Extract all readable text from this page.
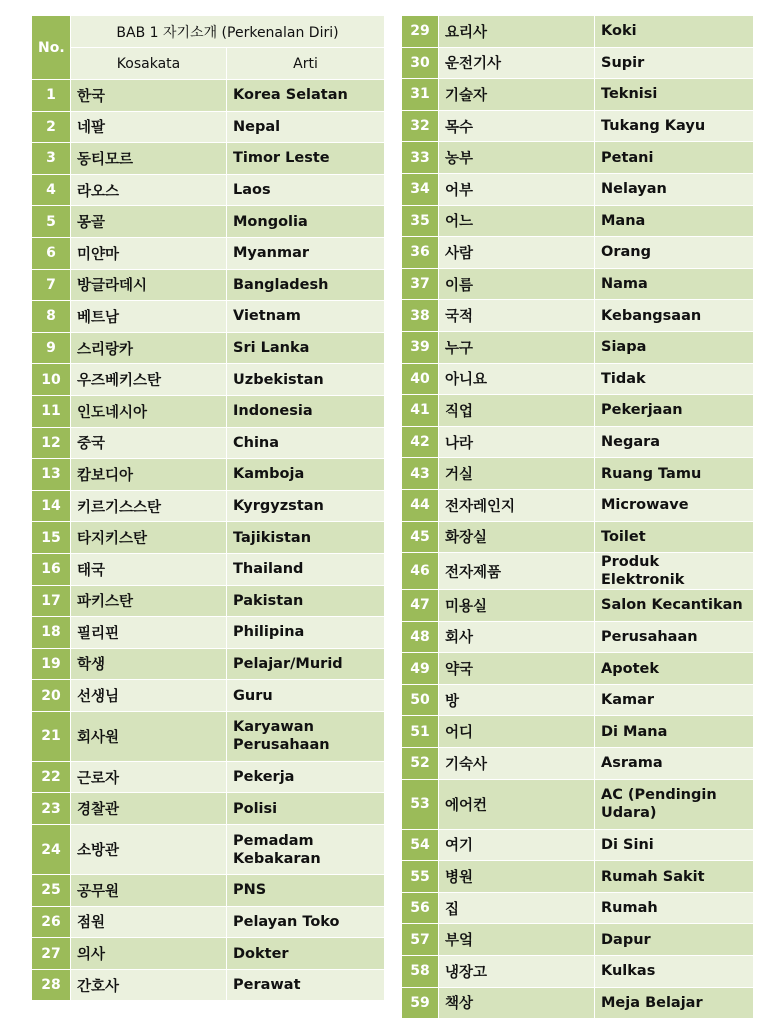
No.	BAB 1 자기소개 (Perkenalan Diri)	
	Kosakata	Arti
1	한국	Korea Selatan
2	네팔	Nepal
3	동티모르	Timor Leste
4	라오스	Laos
5	몽골	Mongolia
6	미얀마	Myanmar
7	방글라데시	Bangladesh
8	베트남	Vietnam
9	스리랑카	Sri Lanka
10	우즈베키스탄	Uzbekistan
11	인도네시아	Indonesia
12	중국	China
13	캄보디아	Kamboja
14	키르기스스탄	Kyrgyzstan
15	타지키스탄	Tajikistan
16	태국	Thailand
17	파키스탄	Pakistan
18	필리핀	Philipina
19	학생	Pelajar/Murid
20	선생님	Guru
21	회사원	Karyawan Perusahaan
22	근로자	Pekerja
23	경찰관	Polisi
24	소방관	Pemadam Kebakaran
25	공무원	PNS
26	점원	Pelayan Toko
27	의사	Dokter
28	간호사	Perawat
29	요리사	Koki
30	운전기사	Supir
31	기술자	Teknisi
32	목수	Tukang Kayu
33	농부	Petani
34	어부	Nelayan
35	어느	Mana
36	사람	Orang
37	이름	Nama
38	국적	Kebangsaan
39	누구	Siapa
40	아니요	Tidak
41	직업	Pekerjaan
42	나라	Negara
43	거실	Ruang Tamu
44	전자레인지	Microwave
45	화장실	Toilet
46	전자제품	Produk Elektronik
47	미용실	Salon Kecantikan
48	회사	Perusahaan
49	약국	Apotek
50	방	Kamar
51	어디	Di Mana
52	기숙사	Asrama
53	에어컨	AC (Pendingin Udara)
54	여기	Di Sini
55	병원	Rumah Sakit
56	집	Rumah
57	부엌	Dapur
58	냉장고	Kulkas
59	책상	Meja Belajar
